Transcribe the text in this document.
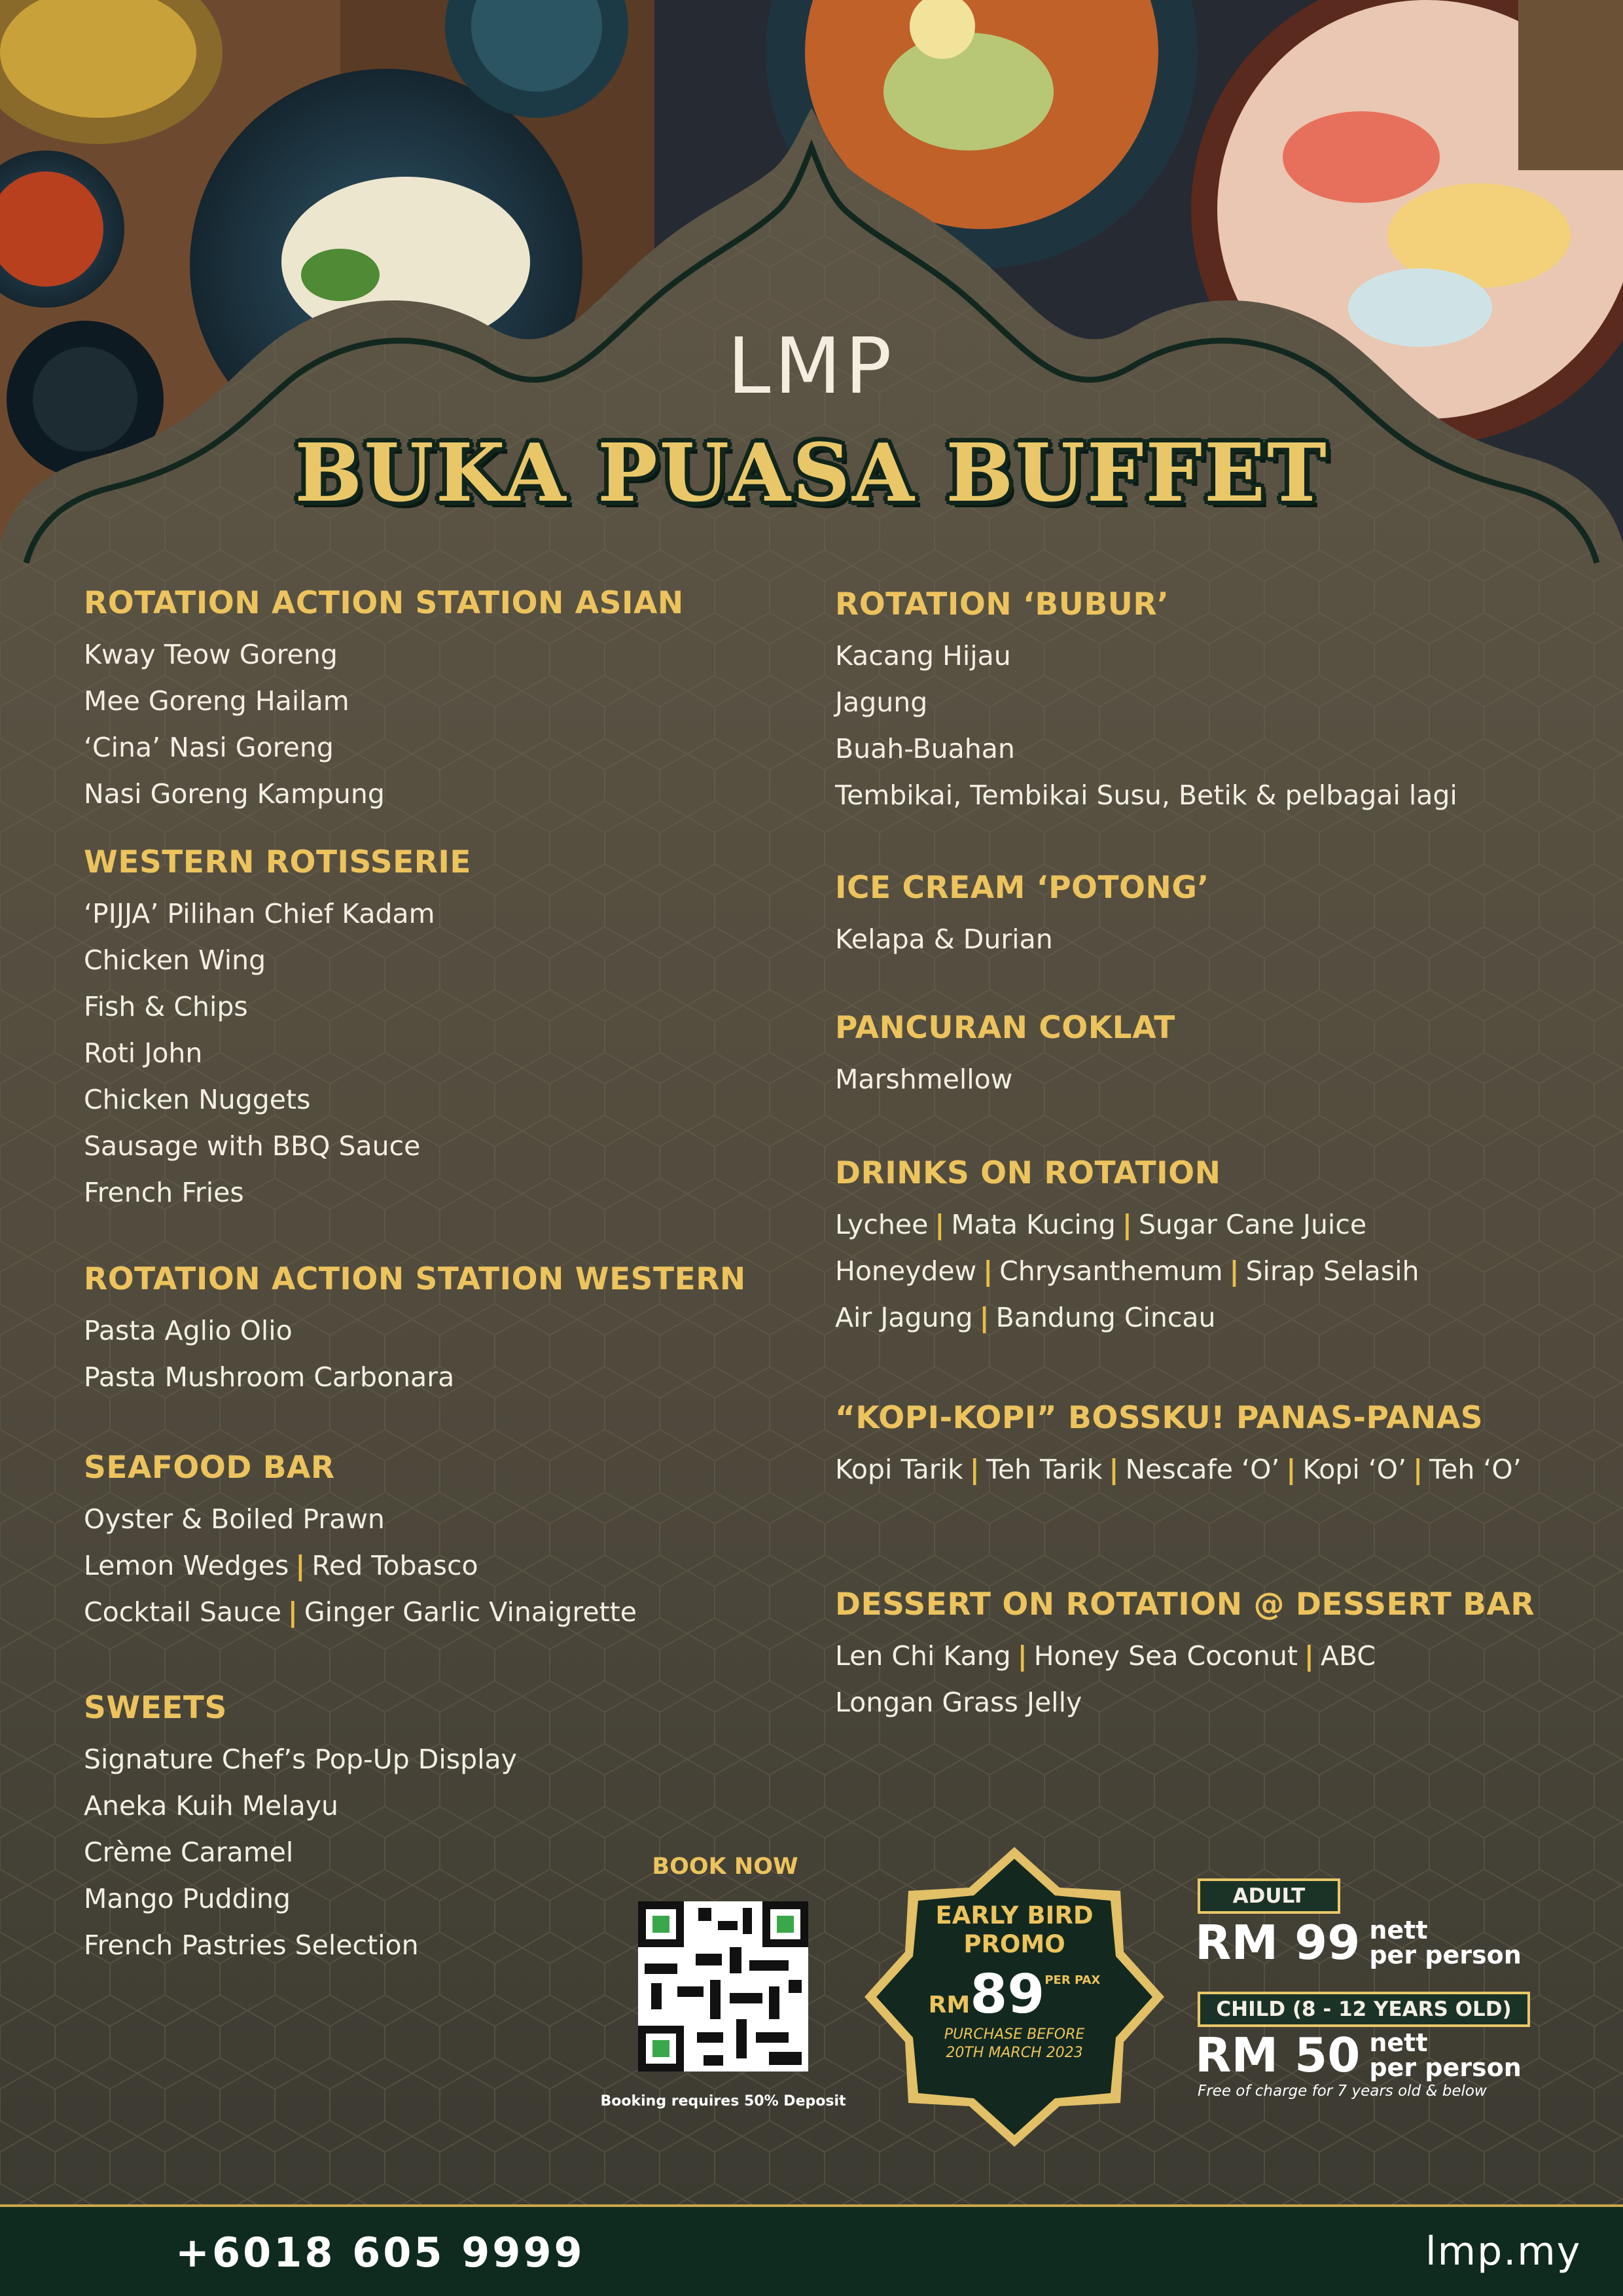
LMP
BUKA PUASA BUFFET
ROTATION ACTION STATION ASIAN
Kway Teow Goreng
Mee Goreng Hailam
‘Cina’ Nasi Goreng
Nasi Goreng Kampung
WESTERN ROTISSERIE
‘PIJJA’ Pilihan Chief Kadam
Chicken Wing
Fish & Chips
Roti John
Chicken Nuggets
Sausage with BBQ Sauce
French Fries
ROTATION ACTION STATION WESTERN
Pasta Aglio Olio
Pasta Mushroom Carbonara
SEAFOOD BAR
Oyster & Boiled Prawn
Lemon Wedges | Red Tobasco
Cocktail Sauce | Ginger Garlic Vinaigrette
SWEETS
Signature Chef’s Pop-Up Display
Aneka Kuih Melayu
Crème Caramel
Mango Pudding
French Pastries Selection
ROTATION ‘BUBUR’
Kacang Hijau
Jagung
Buah-Buahan
Tembikai, Tembikai Susu, Betik & pelbagai lagi
ICE CREAM ‘POTONG’
Kelapa & Durian
PANCURAN COKLAT
Marshmellow
DRINKS ON ROTATION
Lychee | Mata Kucing | Sugar Cane Juice
Honeydew | Chrysanthemum | Sirap Selasih
Air Jagung | Bandung Cincau
“KOPI-KOPI” BOSSKU! PANAS-PANAS
Kopi Tarik | Teh Tarik | Nescafe ‘O’ | Kopi ‘O’ | Teh ‘O’
DESSERT ON ROTATION @ DESSERT BAR
Len Chi Kang | Honey Sea Coconut | ABC
Longan Grass Jelly
BOOK NOW
Booking requires 50% Deposit
EARLY BIRD
PROMO
RM89PER PAX
PURCHASE BEFORE
20TH MARCH 2023
ADULT
RM 99 nett
per person
CHILD (8 - 12 YEARS OLD)
RM 50 nett
per person
Free of charge for 7 years old & below
+6018 605 9999	lmp.my
